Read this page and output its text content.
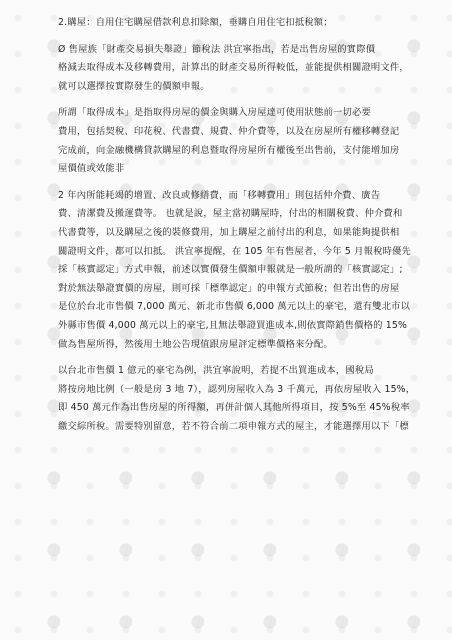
2.購屋：自用住宅購屋借款利息扣除額，垂購自用住宅扣抵稅額；

Ø 售屋族「財產交易損失舉證」節稅法 洪宜寧指出，若是出售房屋的實際價
格減去取得成本及移轉費用，計算出的財產交易所得較低，並能提供相關證明文件，
就可以選擇按實際發生的價額申報。

所謂「取得成本」是指取得房屋的價金與購入房屋達可使用狀態前一切必要
費用，包括契稅、印花稅、代書費、規費、仲介費等，以及在房屋所有權移轉登記
完成前，向金融機構貸款購屋的利息暨取得房屋所有權後至出售前，支付能增加房
屋價值或效能非

2 年內所能耗竭的增置、改良或修繕費，而「移轉費用」則包括仲介費、廣告
費、清潔費及搬運費等。 也就是說，屋主當初購屋時，付出的相關稅費、仲介費和
代書費等，以及購屋之後的裝修費用，加上購屋之前付出的利息，如果能夠提供相
關證明文件，都可以扣抵。 洪宜寧提醒，在 105 年有售屋者，今年 5 月報稅時優先
採「核實認定」方式申報，前述以實價發生價額申報就是一般所謂的「核實認定」;
對於無法舉證實價的房屋，則可採「標準認定」的申報方式節稅；但若出售的房屋
是位於台北市售價 7,000 萬元、新北市售價 6,000 萬元以上的豪宅，還有雙北市以
外縣市售價 4,000 萬元以上的豪宅,且無法舉證買進成本,則依實際銷售價格的 15%
做為售屋所得，然後用土地公告現值跟房屋評定標準價格來分配。

以台北市售價 1 億元的豪宅為例，洪宜寧說明，若提不出買進成本，國稅局
將按房地比例（一般是房 3 地 7），認列房屋收入為 3 千萬元，再依房屋收入 15%，
即 450 萬元作為出售房屋的所得額，再併計個人其他所得項目，按 5%至 45%稅率
繳交綜所稅。需要特別留意，若不符合前二項申報方式的屋主，才能選擇用以下「標
